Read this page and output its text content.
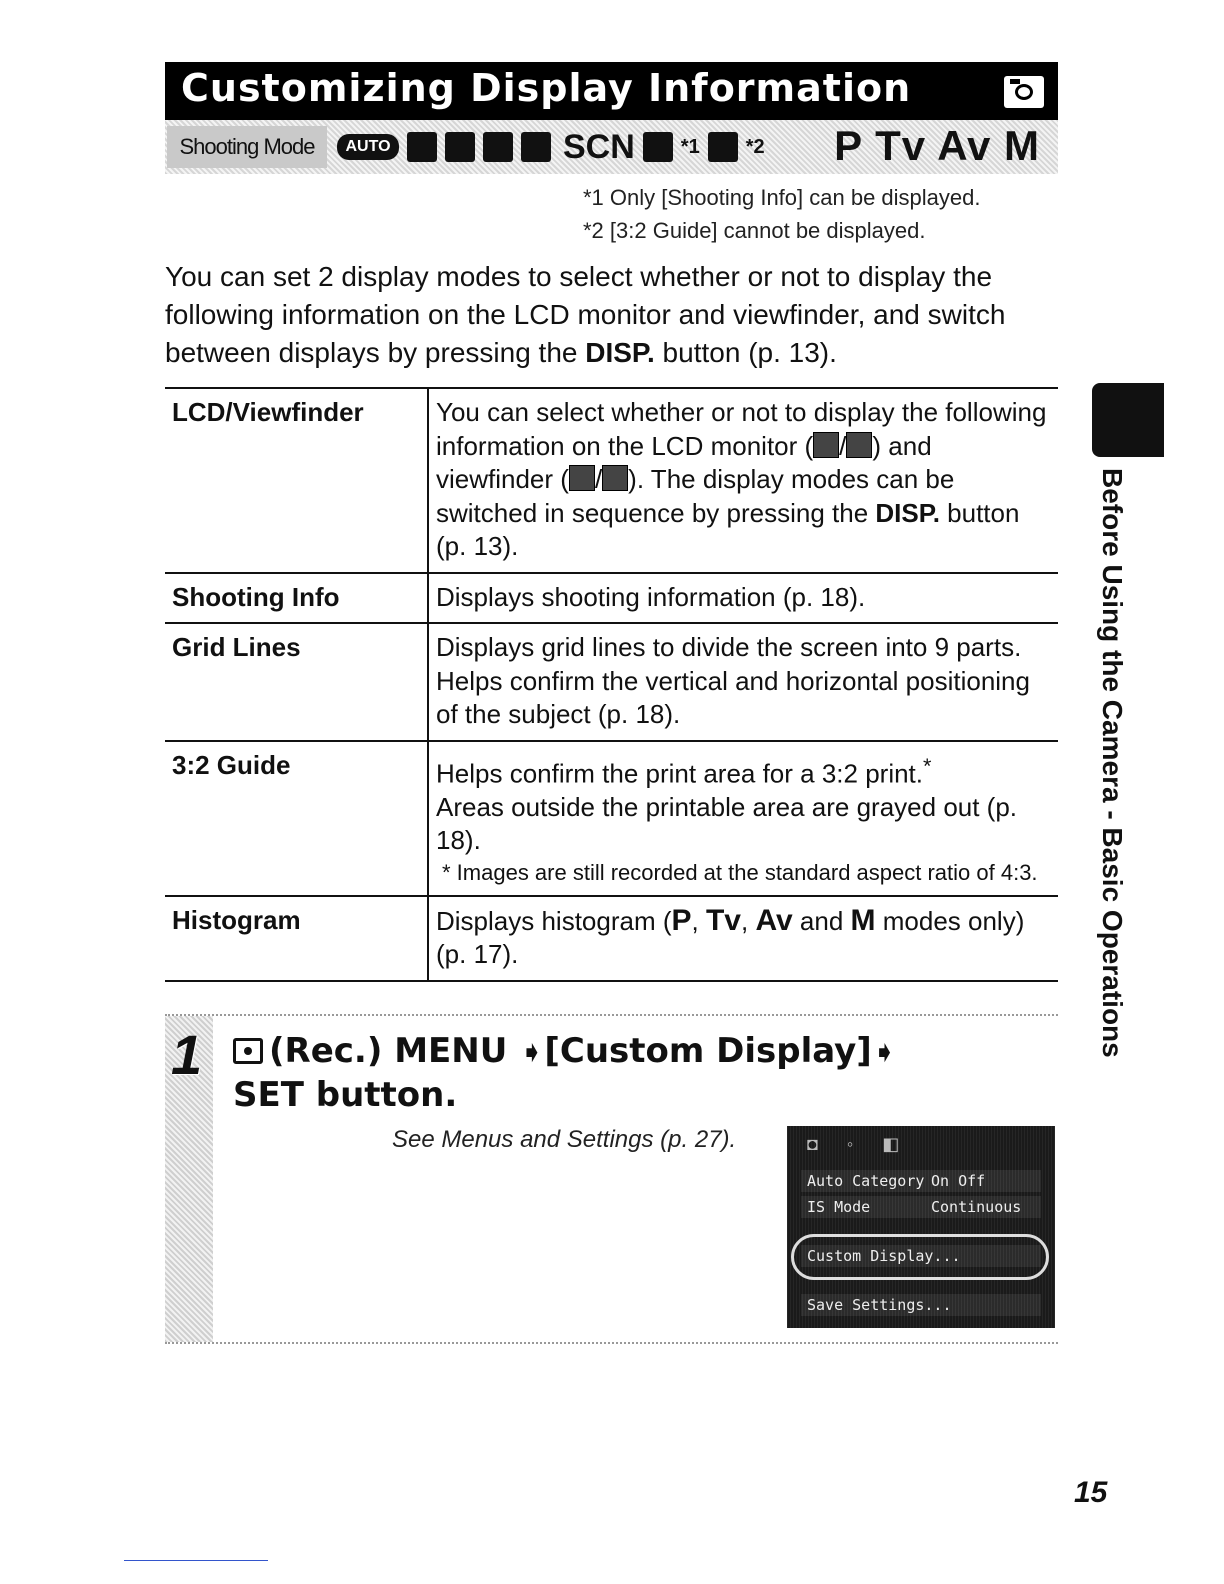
Customizing Display Information
Shooting Mode	AUTO	SCN *1 *2 P Tv Av M
*1 Only [Shooting Info] can be displayed.
*2 [3:2 Guide] cannot be displayed.
You can set 2 display modes to select whether or not to display the following information on the LCD monitor and viewfinder, and switch between displays by pressing the DISP. button (p. 13).
LCD/Viewfinder	You can select whether or not to display the following information on the LCD monitor ( / ) and viewfinder ( / ). The display modes can be switched in sequence by pressing the DISP. button (p. 13).
Shooting Info	Displays shooting information (p. 18).
Grid Lines	Displays grid lines to divide the screen into 9 parts. Helps confirm the vertical and horizontal positioning of the subject (p. 18).
3:2 Guide	Helps confirm the print area for a 3:2 print.*
Areas outside the printable area are grayed out (p. 18).
* Images are still recorded at the standard aspect ratio of 4:3.

Histogram	Displays histogram (P, Tv, Av and M modes only) (p. 17).
1	(Rec.) MENU ➧[Custom Display]➧
SET button.
See Menus and Settings (p. 27).	◘ ◦ ◧
Auto Category On Off
IS Mode	Continuous
Custom Display...
Save Settings...
Before Using the Camera - Basic Operations
15
